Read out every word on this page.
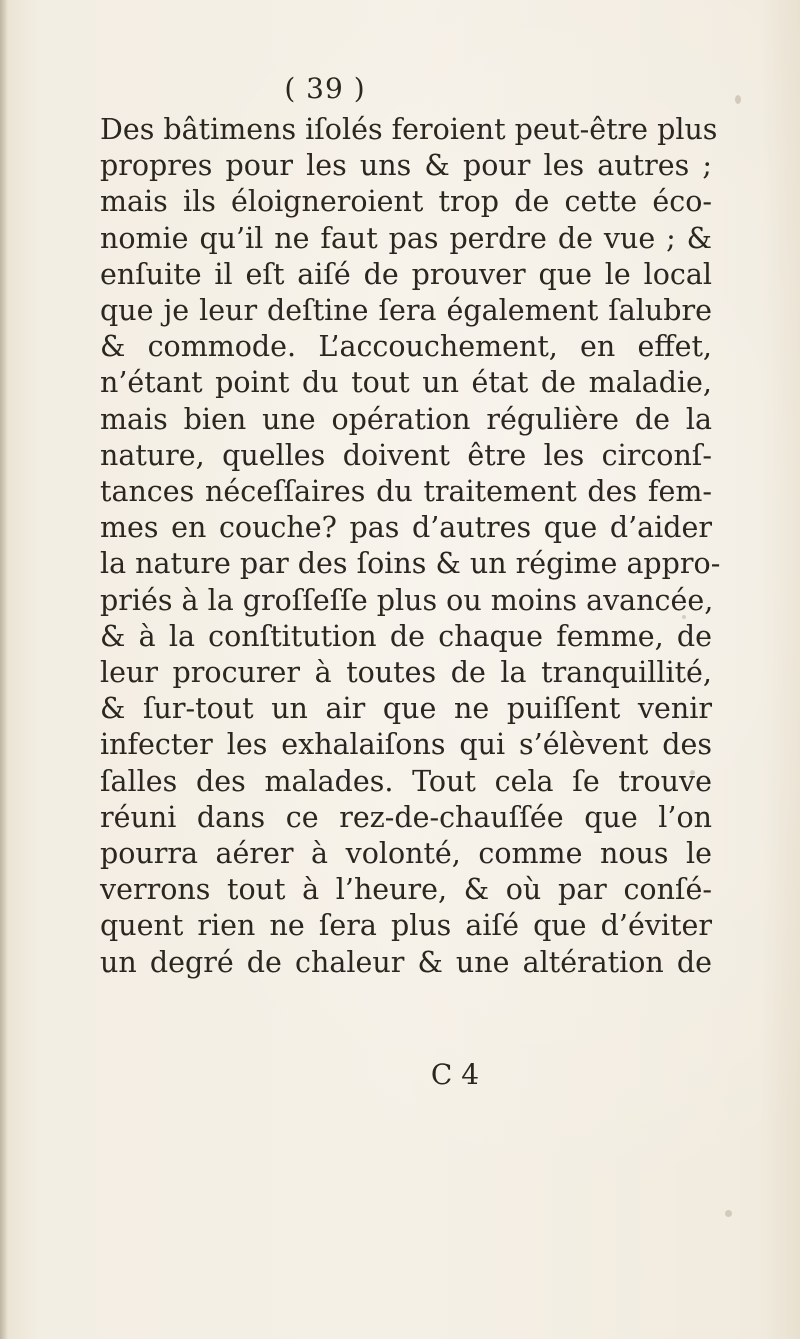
( 39 )
Des bâtimens iſolés feroient peut-être plus
propres pour les uns & pour les autres ;
mais ils éloigneroient trop de cette éco-
nomie qu’il ne faut pas perdre de vue ; &
enſuite il eſt aiſé de prouver que le local
que je leur deſtine ſera également ſalubre
& commode. L’accouchement, en effet,
n’étant point du tout un état de maladie,
mais bien une opération régulière de la
nature, quelles doivent être les circonſ-
tances néceſſaires du traitement des fem-
mes en couche? pas d’autres que d’aider
la nature par des ſoins & un régime appro-
priés à la groſſeſſe plus ou moins avancée,
& à la conſtitution de chaque femme, de
leur procurer à toutes de la tranquillité,
& ſur-tout un air que ne puiſſent venir
infecter les exhalaiſons qui s’élèvent des
ſalles des malades. Tout cela ſe trouve
réuni dans ce rez-de-chauſſée que l’on
pourra aérer à volonté, comme nous le
verrons tout à l’heure, & où par conſé-
quent rien ne ſera plus aiſé que d’éviter
un degré de chaleur & une altération de
C 4
